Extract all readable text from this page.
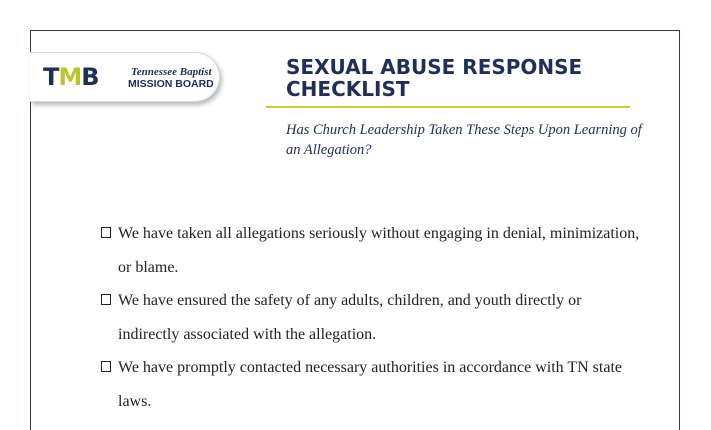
TMB	Tennessee Baptist
MISSION BOARD
SEXUAL ABUSE RESPONSE CHECKLIST

Has Church Leadership Taken These Steps Upon Learning of an Allegation?

We have taken all allegations seriously without engaging in denial, minimization, or blame.
We have ensured the safety of any adults, children, and youth directly or indirectly associated with the allegation.
We have promptly contacted necessary authorities in accordance with TN state laws.
